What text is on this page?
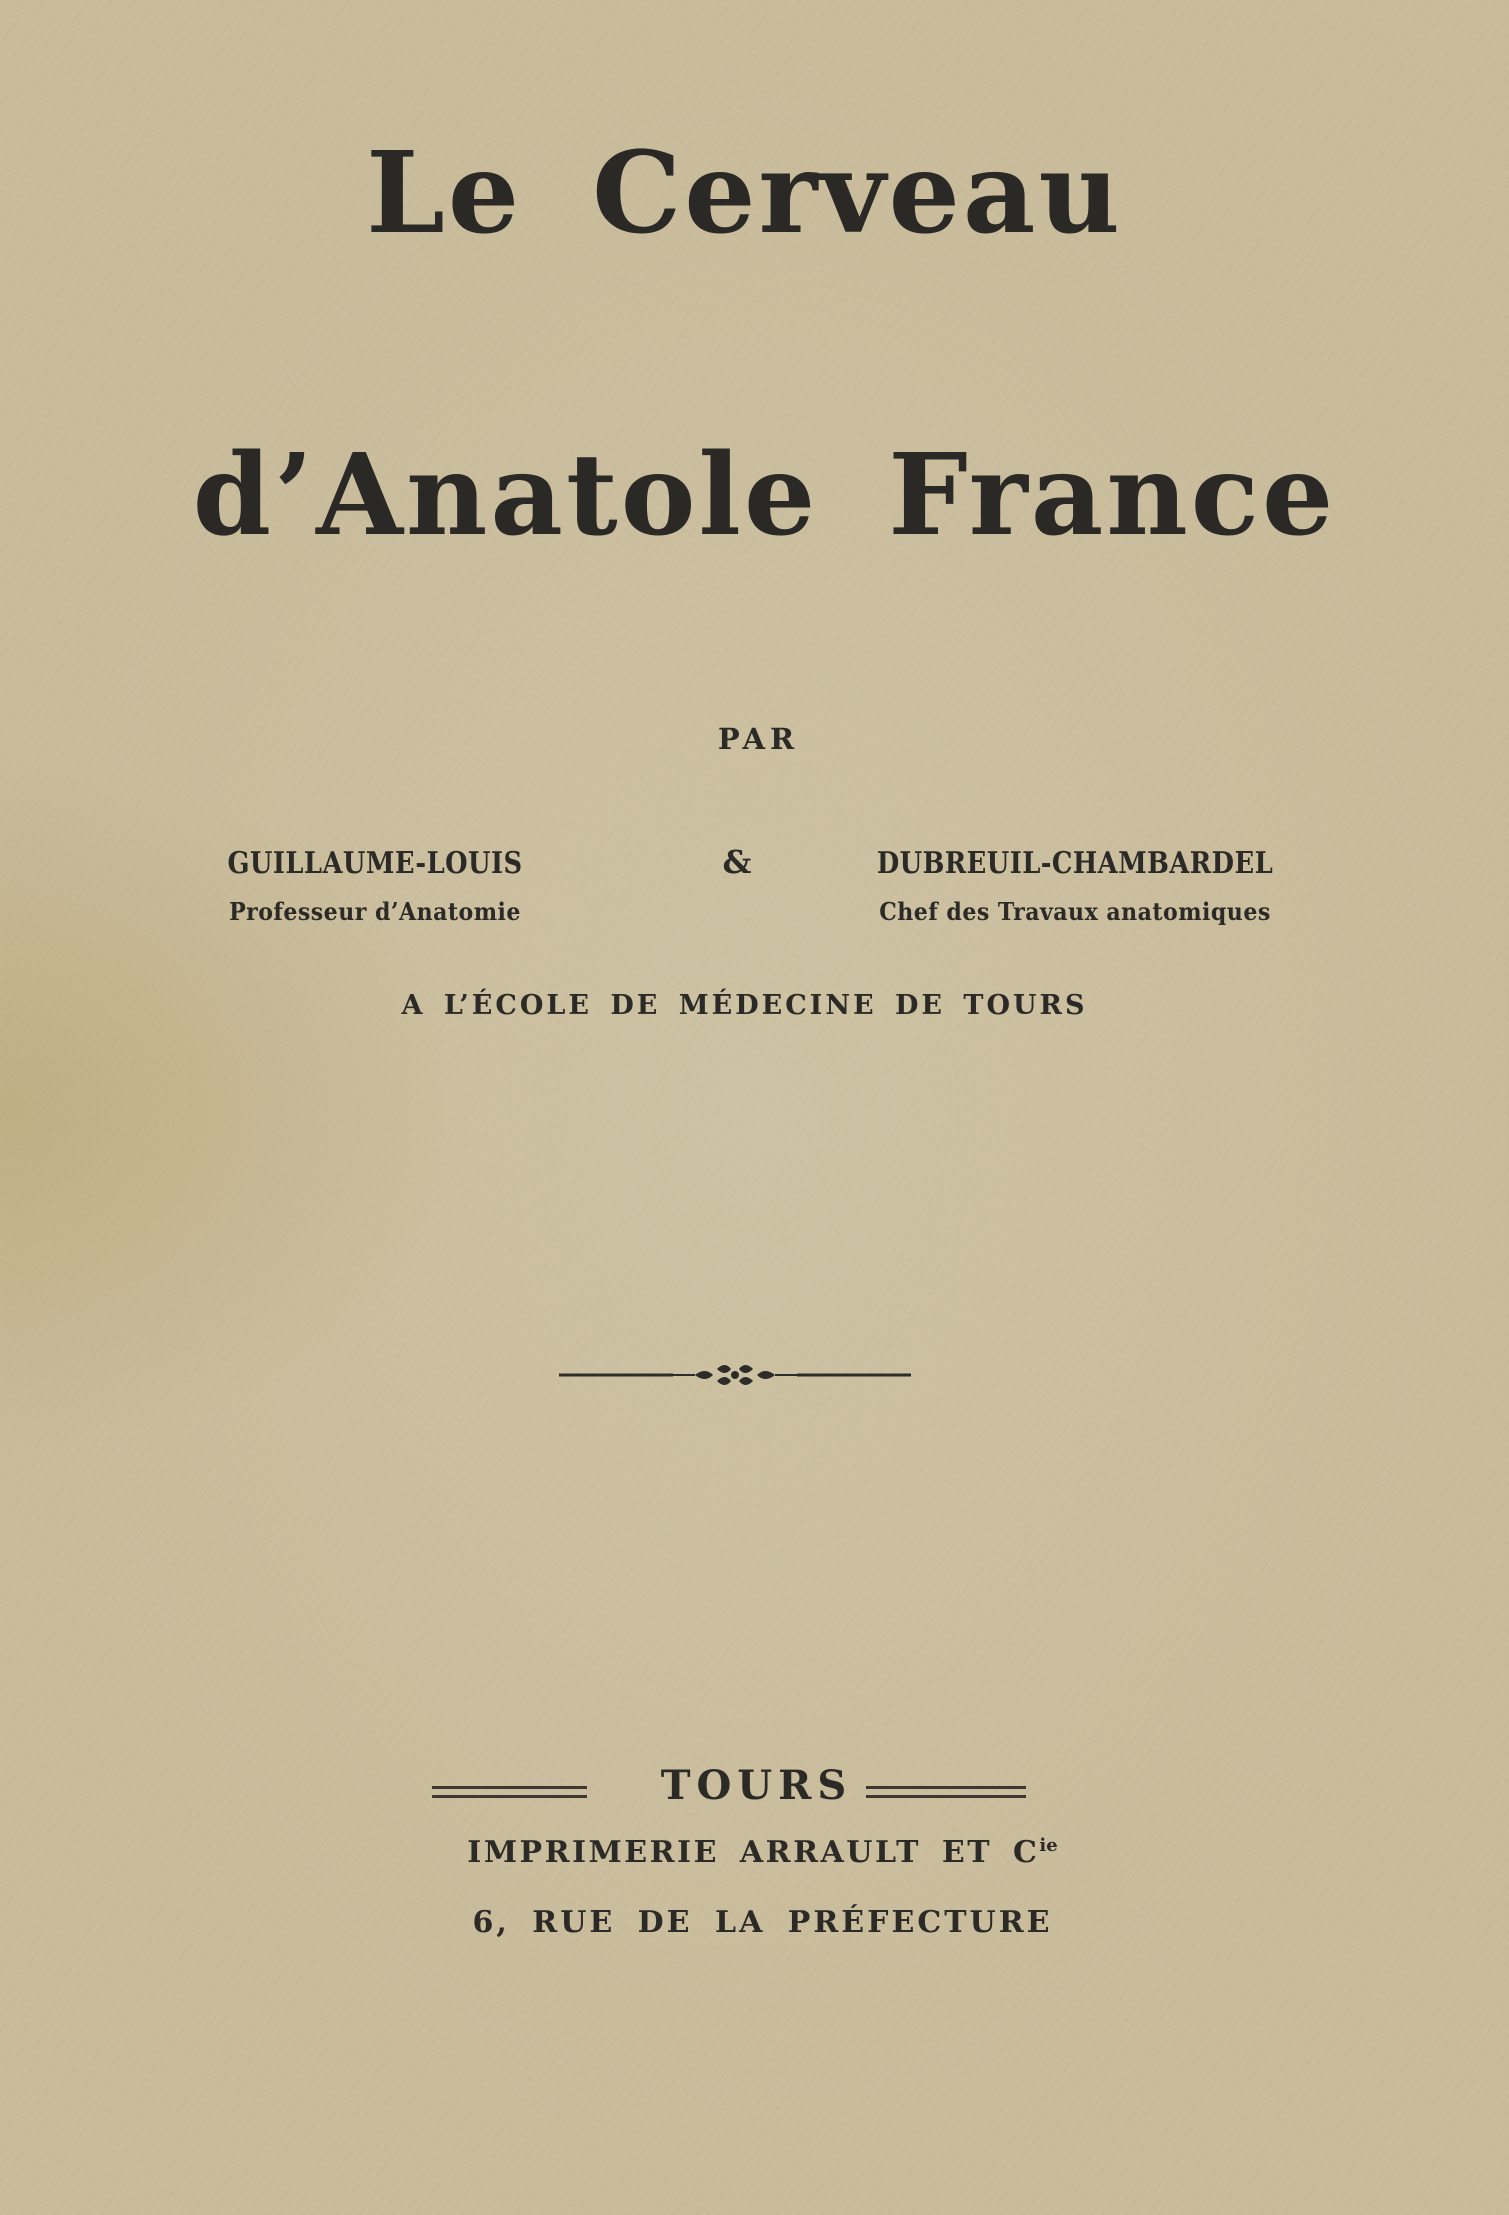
Le Cerveau
d’Anatole France
PAR
GUILLAUME-LOUIS
Professeur d’Anatomie
&	DUBREUIL-CHAMBARDEL
Chef des Travaux anatomiques
A L’ÉCOLE DE MÉDECINE DE TOURS
TOURS
IMPRIMERIE ARRAULT ET $C^{ie}$
6, RUE DE LA PRÉFECTURE
